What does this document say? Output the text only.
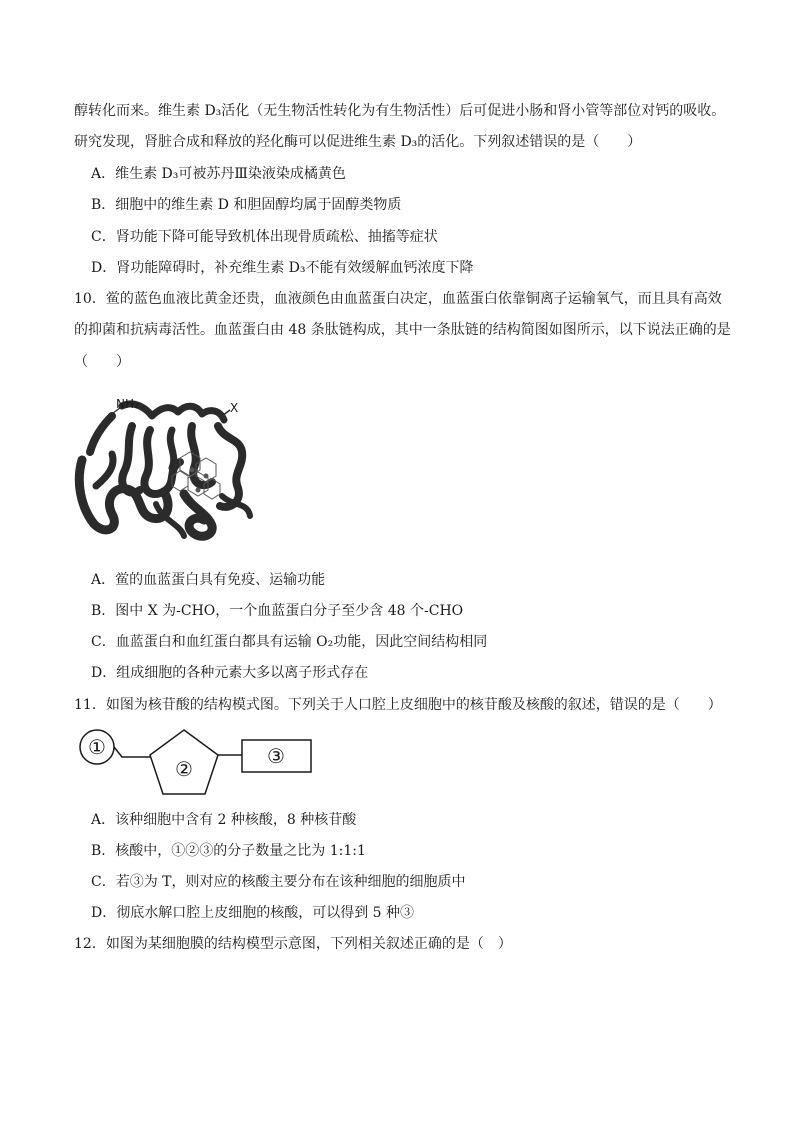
醇转化而来。维生素 D₃活化（无生物活性转化为有生物活性）后可促进小肠和肾小管等部位对钙的吸收。
研究发现，肾脏合成和释放的羟化酶可以促进维生素 D₃的活化。下列叙述错误的是（　　）
A．维生素 D₃可被苏丹Ⅲ染液染成橘黄色
B．细胞中的维生素 D 和胆固醇均属于固醇类物质
C．肾功能下降可能导致机体出现骨质疏松、抽搐等症状
D．肾功能障碍时，补充维生素 D₃不能有效缓解血钙浓度下降
10．鲎的蓝色血液比黄金还贵，血液颜色由血蓝蛋白决定，血蓝蛋白依靠铜离子运输氧气，而且具有高效
的抑菌和抗病毒活性。血蓝蛋白由 48 条肽链构成，其中一条肽链的结构简图如图所示，以下说法正确的是
（　　）
NH₂	X
A．鲎的血蓝蛋白具有免疫、运输功能
B．图中 X 为-CHO，一个血蓝蛋白分子至少含 48 个-CHO
C．血蓝蛋白和血红蛋白都具有运输 O₂功能，因此空间结构相同
D．组成细胞的各种元素大多以离子形式存在
11．如图为核苷酸的结构模式图。下列关于人口腔上皮细胞中的核苷酸及核酸的叙述，错误的是（　　）
①
②
③
A．该种细胞中含有 2 种核酸，8 种核苷酸
B．核酸中，①②③的分子数量之比为 1:1:1
C．若③为 T，则对应的核酸主要分布在该种细胞的细胞质中
D．彻底水解口腔上皮细胞的核酸，可以得到 5 种③
12．如图为某细胞膜的结构模型示意图，下列相关叙述正确的是（　）
